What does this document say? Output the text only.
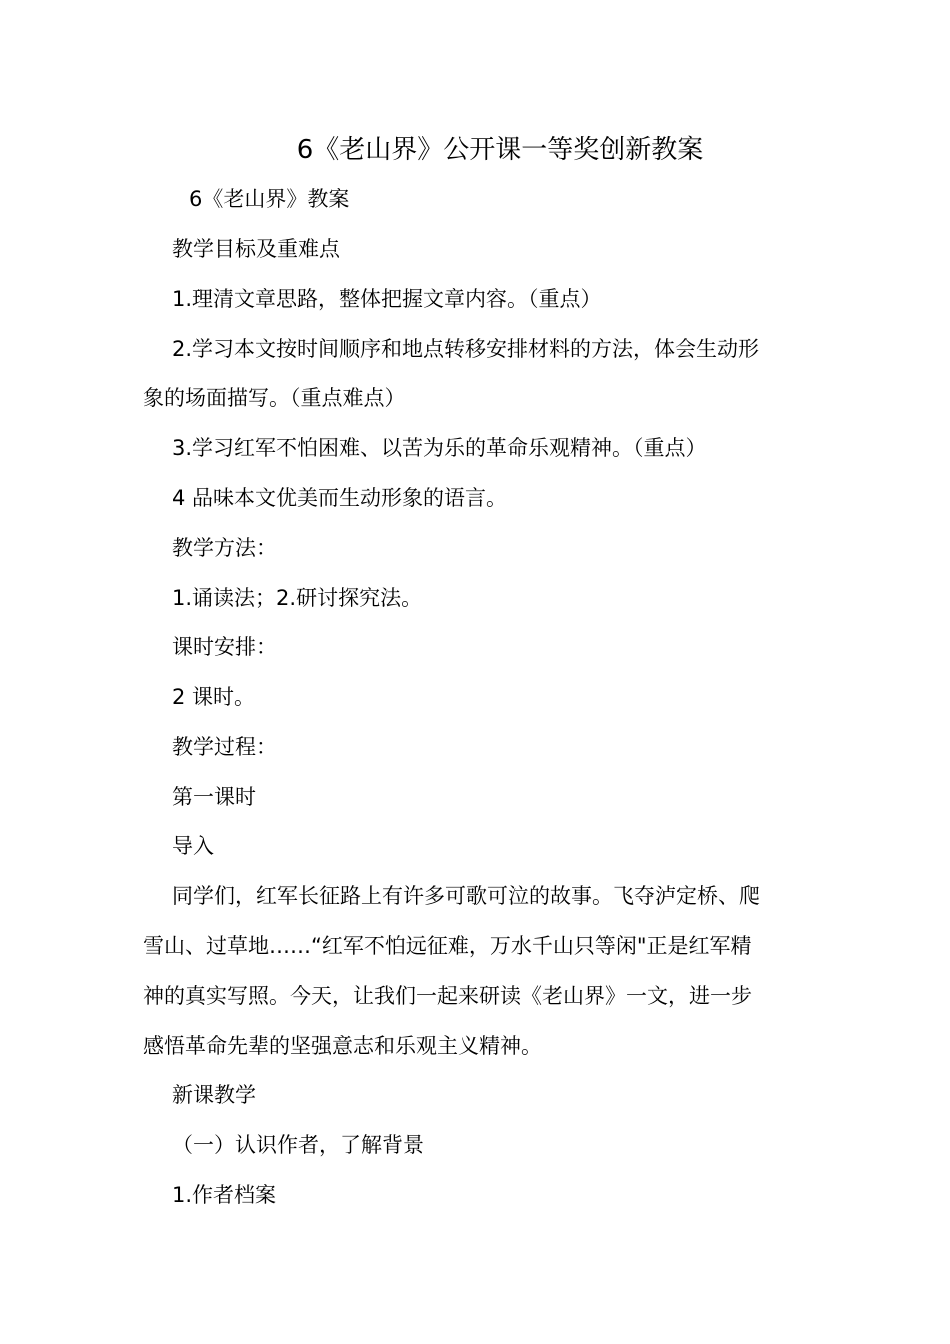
6《老山界》公开课一等奖创新教案
6《老山界》教案
教学目标及重难点
1.理清文章思路，整体把握文章内容。（重点）
2.学习本文按时间顺序和地点转移安排材料的方法，体会生动形
象的场面描写。（重点难点）
3.学习红军不怕困难、以苦为乐的革命乐观精神。（重点）
4 品味本文优美而生动形象的语言。
教学方法：
1.诵读法；2.研讨探究法。
课时安排：
2 课时。
教学过程：
第一课时
导入
同学们，红军长征路上有许多可歌可泣的故事。飞夺泸定桥、爬
雪山、过草地……“红军不怕远征难，万水千山只等闲"正是红军精
神的真实写照。今天，让我们一起来研读《老山界》一文，进一步
感悟革命先辈的坚强意志和乐观主义精神。
新课教学
（一）认识作者，了解背景
1.作者档案
